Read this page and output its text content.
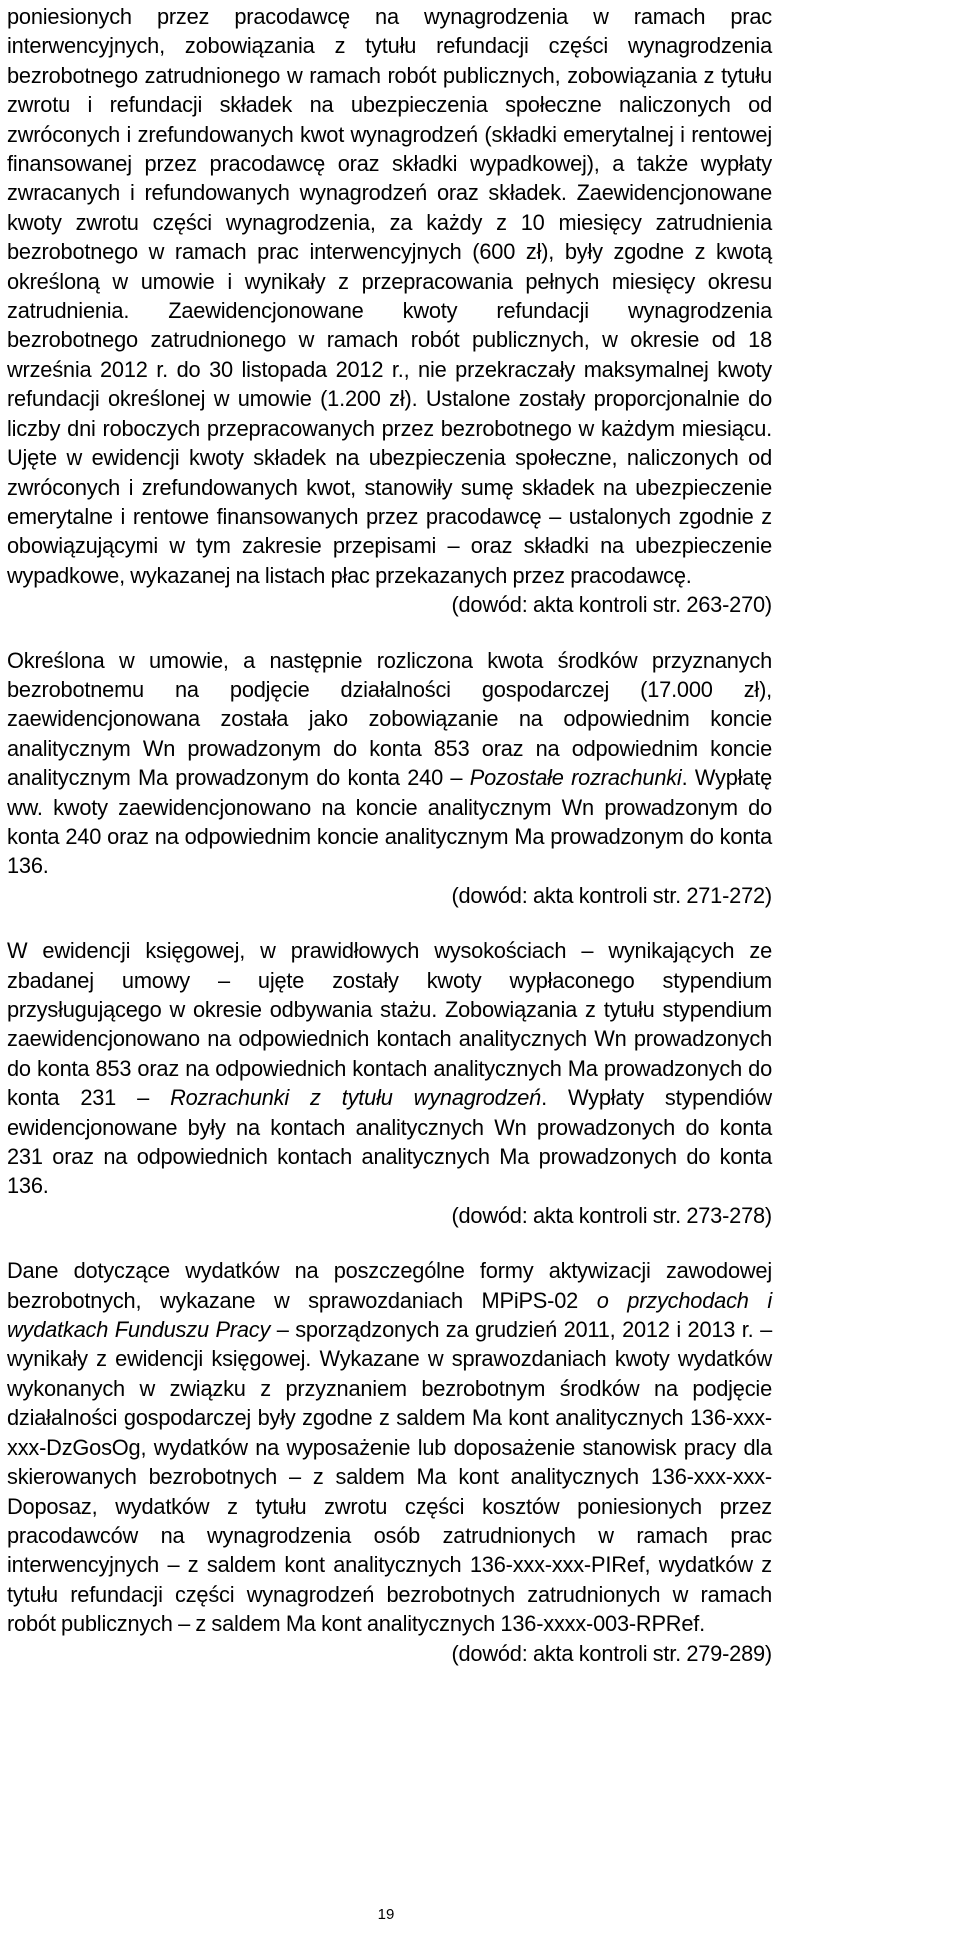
poniesionych przez pracodawcę na wynagrodzenia w ramach prac interwencyjnych, zobowiązania z tytułu refundacji części wynagrodzenia bezrobotnego zatrudnionego w ramach robót publicznych, zobowiązania z tytułu zwrotu i refundacji składek na ubezpieczenia społeczne naliczonych od zwróconych i zrefundowanych kwot wynagrodzeń (składki emerytalnej i rentowej finansowanej przez pracodawcę oraz składki wypadkowej), a także wypłaty zwracanych i refundowanych wynagrodzeń oraz składek. Zaewidencjonowane kwoty zwrotu części wynagrodzenia, za każdy z 10 miesięcy zatrudnienia bezrobotnego w ramach prac interwencyjnych (600 zł), były zgodne z kwotą określoną w umowie i wynikały z przepracowania pełnych miesięcy okresu zatrudnienia. Zaewidencjonowane kwoty refundacji wynagrodzenia bezrobotnego zatrudnionego w ramach robót publicznych, w okresie od 18 września 2012 r. do 30 listopada 2012 r., nie przekraczały maksymalnej kwoty refundacji określonej w umowie (1.200 zł). Ustalone zostały proporcjonalnie do liczby dni roboczych przepracowanych przez bezrobotnego w każdym miesiącu. Ujęte w ewidencji kwoty składek na ubezpieczenia społeczne, naliczonych od zwróconych i zrefundowanych kwot, stanowiły sumę składek na ubezpieczenie emerytalne i rentowe finansowanych przez pracodawcę – ustalonych zgodnie z obowiązującymi w tym zakresie przepisami – oraz składki na ubezpieczenie wypadkowe, wykazanej na listach płac przekazanych przez pracodawcę.

(dowód: akta kontroli str. 263-270)

Określona w umowie, a następnie rozliczona kwota środków przyznanych bezrobotnemu na podjęcie działalności gospodarczej (17.000 zł), zaewidencjonowana została jako zobowiązanie na odpowiednim koncie analitycznym Wn prowadzonym do konta 853 oraz na odpowiednim koncie analitycznym Ma prowadzonym do konta 240 – Pozostałe rozrachunki. Wypłatę ww. kwoty zaewidencjonowano na koncie analitycznym Wn prowadzonym do konta 240 oraz na odpowiednim koncie analitycznym Ma prowadzonym do konta 136.

(dowód: akta kontroli str. 271-272)

W ewidencji księgowej, w prawidłowych wysokościach – wynikających ze zbadanej umowy – ujęte zostały kwoty wypłaconego stypendium przysługującego w okresie odbywania stażu. Zobowiązania z tytułu stypendium zaewidencjonowano na odpowiednich kontach analitycznych Wn prowadzonych do konta 853 oraz na odpowiednich kontach analitycznych Ma prowadzonych do konta 231 – Rozrachunki z tytułu wynagrodzeń. Wypłaty stypendiów ewidencjonowane były na kontach analitycznych Wn prowadzonych do konta 231 oraz na odpowiednich kontach analitycznych Ma prowadzonych do konta 136.

(dowód: akta kontroli str. 273-278)

Dane dotyczące wydatków na poszczególne formy aktywizacji zawodowej bezrobotnych, wykazane w sprawozdaniach MPiPS-02 o przychodach i wydatkach Funduszu Pracy – sporządzonych za grudzień 2011, 2012 i 2013 r. – wynikały z ewidencji księgowej. Wykazane w sprawozdaniach kwoty wydatków wykonanych w związku z przyznaniem bezrobotnym środków na podjęcie działalności gospodarczej były zgodne z saldem Ma kont analitycznych 136-xxx-xxx-DzGosOg, wydatków na wyposażenie lub doposażenie stanowisk pracy dla skierowanych bezrobotnych – z saldem Ma kont analitycznych 136-xxx-xxx-Doposaz, wydatków z tytułu zwrotu części kosztów poniesionych przez pracodawców na wynagrodzenia osób zatrudnionych w ramach prac interwencyjnych – z saldem kont analitycznych 136-xxx-xxx-PIRef, wydatków z tytułu refundacji części wynagrodzeń bezrobotnych zatrudnionych w ramach robót publicznych – z saldem Ma kont analitycznych 136-xxxx-003-RPRef.

(dowód: akta kontroli str. 279-289)

19
